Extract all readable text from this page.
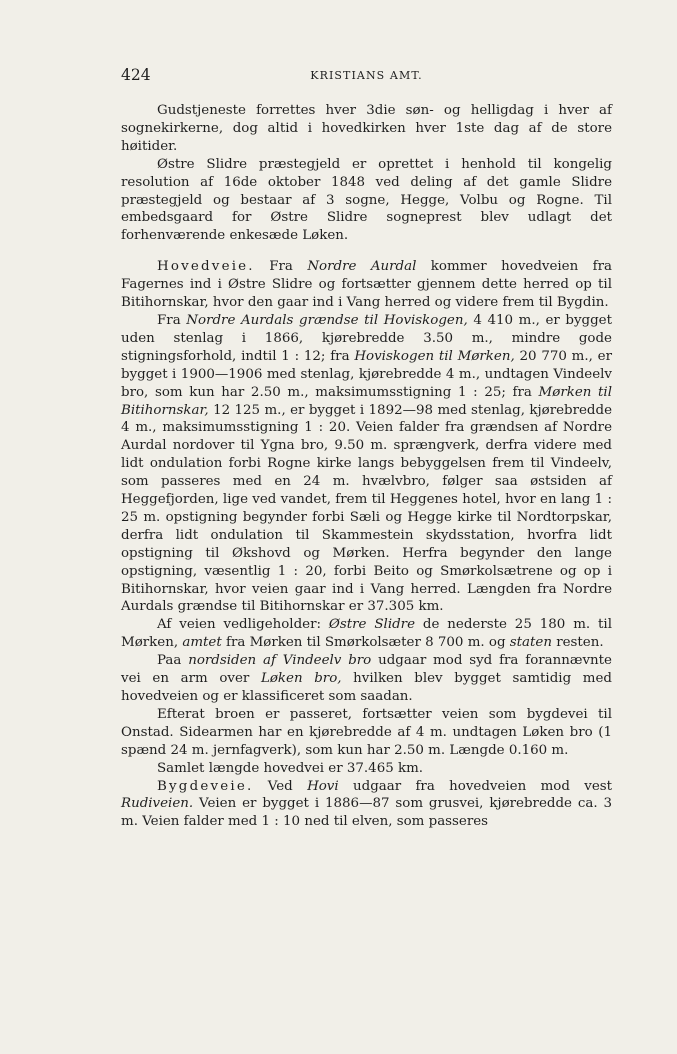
424	KRISTIANS AMT.

Gudstjeneste forrettes hver 3die søn- og helligdag i hver af sognekirkerne, dog altid i hovedkirken hver 1ste dag af de store høitider.

Østre Slidre præstegjeld er oprettet i henhold til kongelig resolution af 16de oktober 1848 ved deling af det gamle Slidre præstegjeld og bestaar af 3 sogne, Hegge, Volbu og Rogne. Til embedsgaard for Østre Slidre sogneprest blev udlagt det forhenværende enkesæde Løken.

Hovedveie. Fra Nordre Aurdal kommer hovedveien fra Fagernes ind i Østre Slidre og fortsætter gjennem dette herred op til Bitihornskar, hvor den gaar ind i Vang herred og videre frem til Bygdin.

Fra Nordre Aurdals grændse til Hoviskogen, 4 410 m., er bygget uden stenlag i 1866, kjørebredde 3.50 m., mindre gode stigningsforhold, indtil 1 : 12; fra Hoviskogen til Mørken, 20 770 m., er bygget i 1900—1906 med stenlag, kjørebredde 4 m., undtagen Vindeelv bro, som kun har 2.50 m., maksimumsstigning 1 : 25; fra Mørken til Bitihornskar, 12 125 m., er bygget i 1892—98 med stenlag, kjørebredde 4 m., maksimumsstigning 1 : 20. Veien falder fra grændsen af Nordre Aurdal nordover til Ygna bro, 9.50 m. sprængverk, derfra videre med lidt ondulation forbi Rogne kirke langs bebyggelsen frem til Vindeelv, som passeres med en 24 m. hvælvbro, følger saa østsiden af Heggefjorden, lige ved vandet, frem til Heggenes hotel, hvor en lang 1 : 25 m. opstigning begynder forbi Sæli og Hegge kirke til Nordtorpskar, derfra lidt ondulation til Skammestein skydsstation, hvorfra lidt opstigning til Økshovd og Mørken. Herfra begynder den lange opstigning, væsentlig 1 : 20, forbi Beito og Smørkolsætrene og op i Bitihornskar, hvor veien gaar ind i Vang herred. Længden fra Nordre Aurdals grændse til Bitihornskar er 37.305 km.

Af veien vedligeholder: Østre Slidre de nederste 25 180 m. til Mørken, amtet fra Mørken til Smørkolsæter 8 700 m. og staten resten.

Paa nordsiden af Vindeelv bro udgaar mod syd fra forannævnte vei en arm over Løken bro, hvilken blev bygget samtidig med hovedveien og er klassificeret som saadan.

Efterat broen er passeret, fortsætter veien som bygdevei til Onstad. Sidearmen har en kjørebredde af 4 m. undtagen Løken bro (1 spænd 24 m. jernfagverk), som kun har 2.50 m. Længde 0.160 m.

Samlet længde hovedvei er 37.465 km.

Bygdeveie. Ved Hovi udgaar fra hovedveien mod vest Rudiveien. Veien er bygget i 1886—87 som grusvei, kjørebredde ca. 3 m. Veien falder med 1 : 10 ned til elven, som passeres
